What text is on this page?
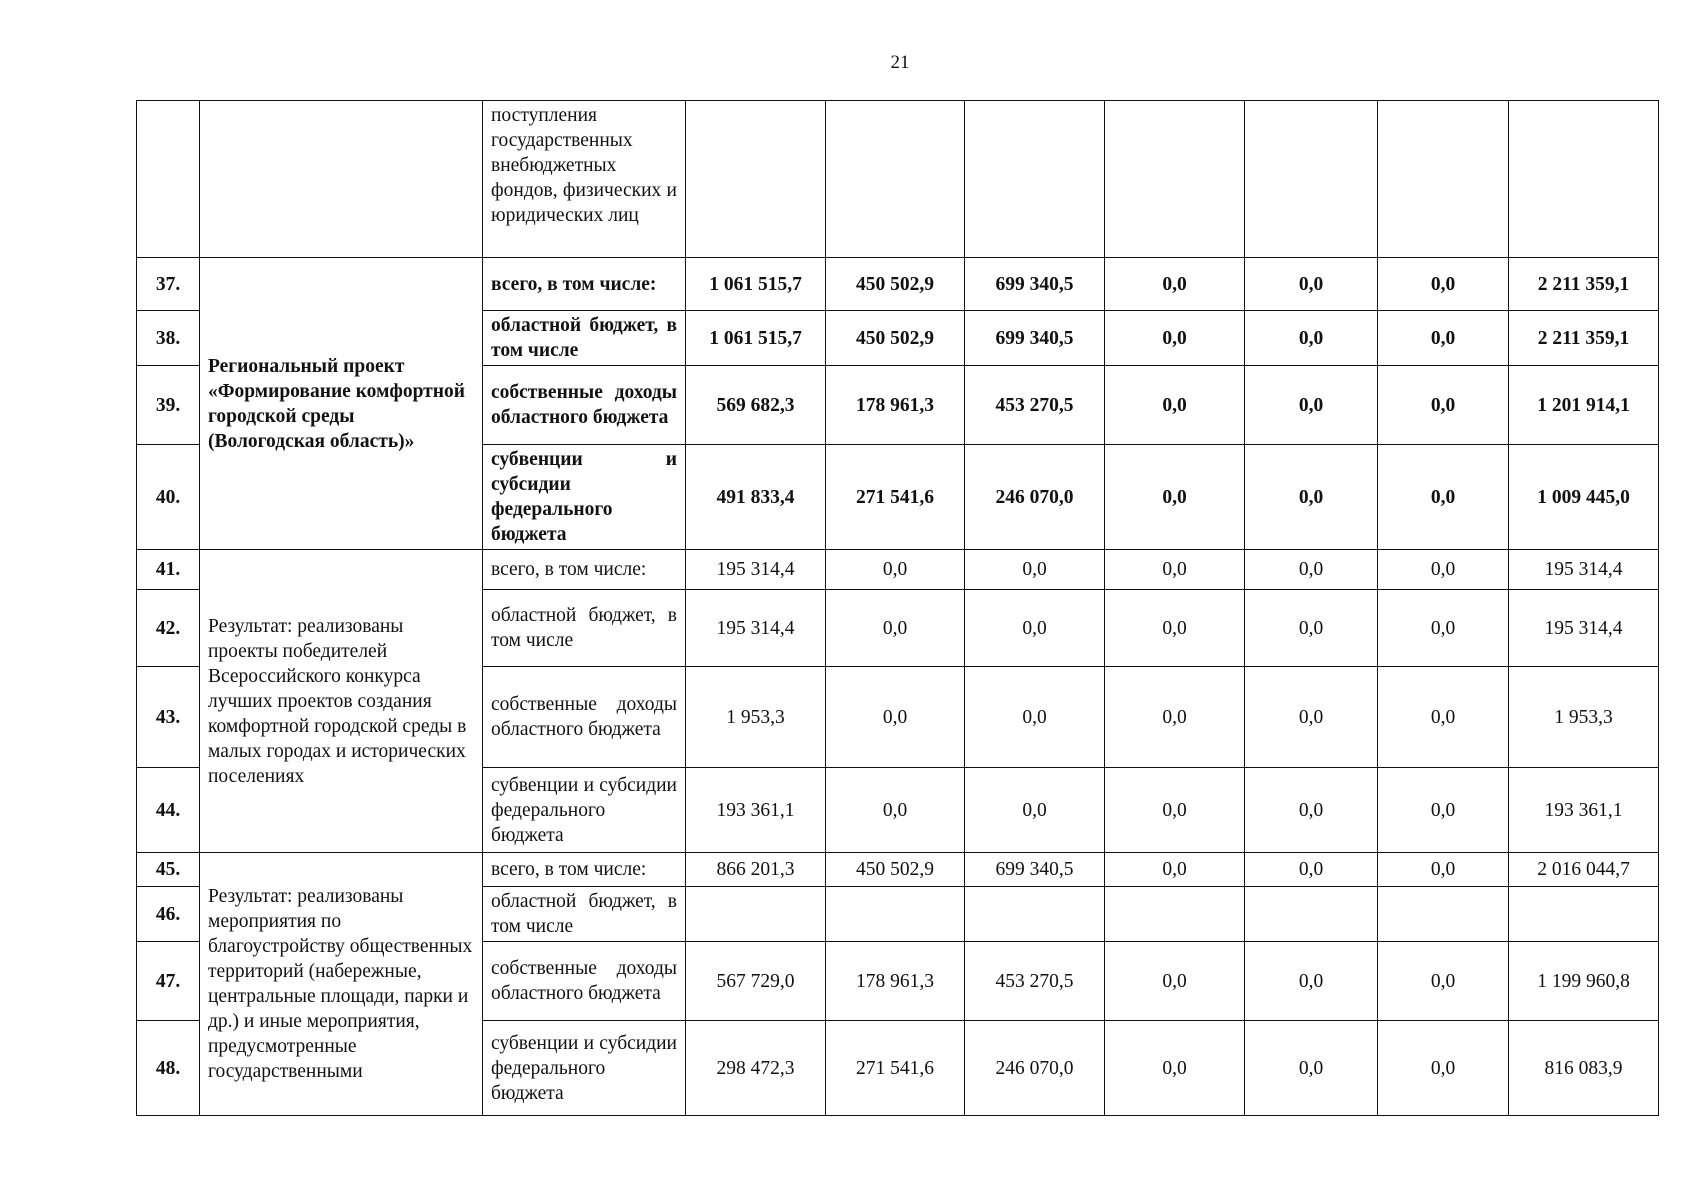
21
		поступления государственных внебюджетных фондов, физических и юридических лиц							
37.	Региональный проект «Формирование комфортной городской среды (Вологодская область)»	всего, в том числе:	1 061 515,7	450 502,9	699 340,5	0,0	0,0	0,0	2 211 359,1
38.		областной бюджет, в том числе	1 061 515,7	450 502,9	699 340,5	0,0	0,0	0,0	2 211 359,1
39.		собственные доходы областного бюджета	569 682,3	178 961,3	453 270,5	0,0	0,0	0,0	1 201 914,1
40.		субвенции и субсидии федерального бюджета	491 833,4	271 541,6	246 070,0	0,0	0,0	0,0	1 009 445,0
41.	Результат: реализованы проекты победителей Всероссийского конкурса лучших проектов создания комфортной городской среды в малых городах и исторических поселениях	всего, в том числе:	195 314,4	0,0	0,0	0,0	0,0	0,0	195 314,4
42.		областной бюджет, в том числе	195 314,4	0,0	0,0	0,0	0,0	0,0	195 314,4
43.		собственные доходы областного бюджета	1 953,3	0,0	0,0	0,0	0,0	0,0	1 953,3
44.		субвенции и субсидии федерального бюджета	193 361,1	0,0	0,0	0,0	0,0	0,0	193 361,1
45.	Результат: реализованы мероприятия по благоустройству общественных территорий (набережные, центральные площади, парки и др.) и иные мероприятия, предусмотренные государственными	всего, в том числе:	866 201,3	450 502,9	699 340,5	0,0	0,0	0,0	2 016 044,7
46.		областной бюджет, в том числе							
47.		собственные доходы областного бюджета	567 729,0	178 961,3	453 270,5	0,0	0,0	0,0	1 199 960,8
48.		субвенции и субсидии федерального бюджета	298 472,3	271 541,6	246 070,0	0,0	0,0	0,0	816 083,9
